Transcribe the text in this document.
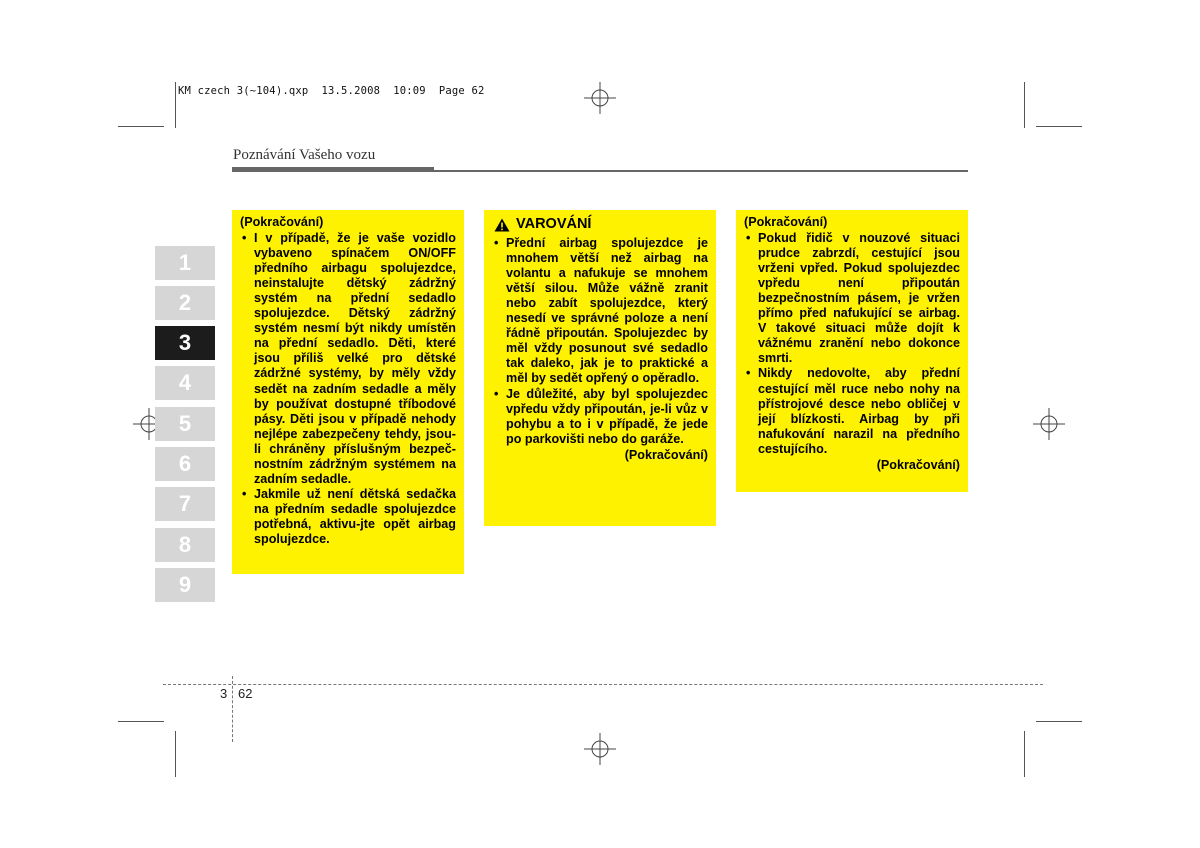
KM czech 3(~104).qxp  13.5.2008  10:09  Page 62
Poznávání Vašeho vozu
1
2
3
4
5
6
7
8
9
(Pokračování)
• I v případě, že je vaše vozidlo vybaveno spínačem ON/OFF předního airbagu spolujezdce, neinstalujte dětský zádržný systém na přední sedadlo spolujezdce. Dětský zádržný systém nesmí být nikdy umístěn na přední sedadlo. Děti, které jsou příliš velké pro dětské zádržné systémy, by měly vždy sedět na zadním sedadle a měly by používat dostupné tříbodové pásy. Děti jsou v případě nehody nejlépe zabezpečeny tehdy, jsou-li chráněny příslušným bezpeč-nostním zádržným systémem na zadním sedadle.
• Jakmile už není dětská sedačka na předním sedadle spolujezdce potřebná, aktivu-jte opět airbag spolujezdce.
VAROVÁNÍ
• Přední airbag spolujezdce je mnohem větší než airbag na volantu a nafukuje se mnohem větší silou. Může vážně zranit nebo zabít spolujezdce, který nesedí ve správné poloze a není řádně připoután. Spolujezdec by měl vždy posunout své sedadlo tak daleko, jak je to praktické a měl by sedět opřený o opěradlo.
• Je důležité, aby byl spolujezdec vpředu vždy připoután, je-li vůz v pohybu a to i v případě, že jede po parkovišti nebo do garáže.
(Pokračování)
(Pokračování)
• Pokud řidič v nouzové situaci prudce zabrzdí, cestující jsou vrženi vpřed. Pokud spolujezdec vpředu není připoután bezpečnostním pásem, je vržen přímo před nafukující se airbag. V takové situaci může dojít k vážnému zranění nebo dokonce smrti.
• Nikdy nedovolte, aby přední cestující měl ruce nebo nohy na přístrojové desce nebo obličej v její blízkosti. Airbag by při nafukování narazil na předního cestujícího.
(Pokračování)
3 62
